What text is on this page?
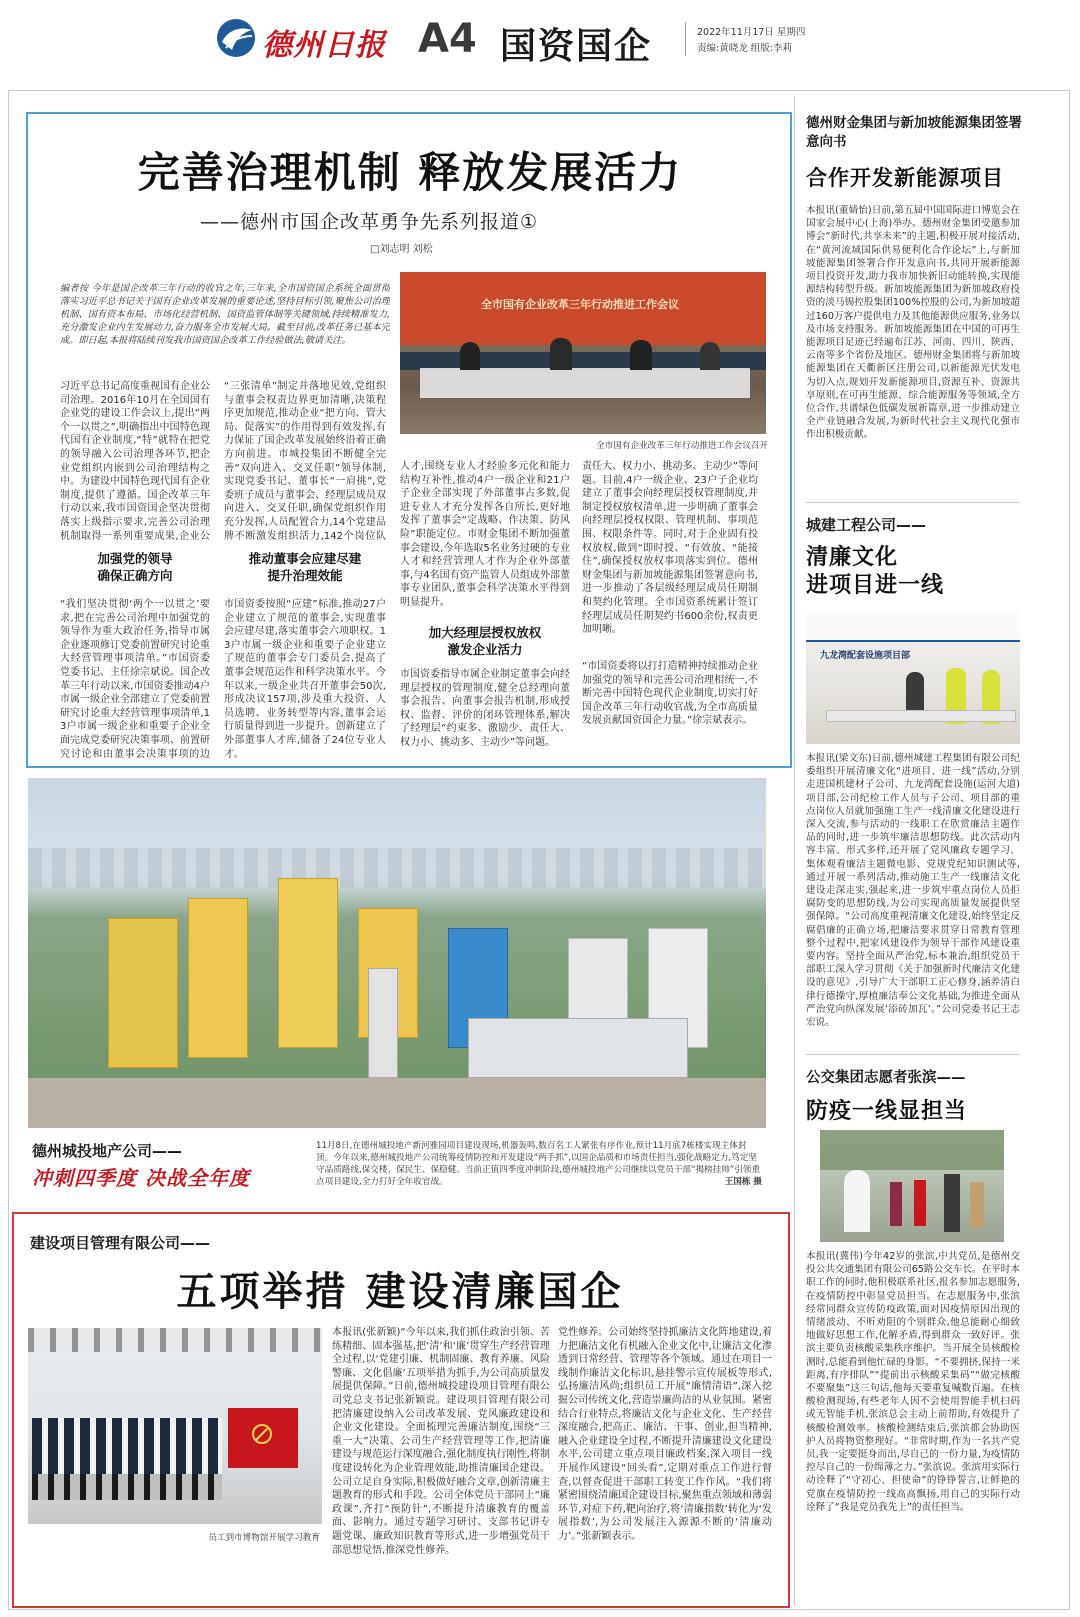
德州日报 A4 国资国企	2022年11月17日 星期四
责编:黄晓龙 组版:李莉
完善治理机制 释放发展活力
——德州市国企改革勇争先系列报道①
□刘志明 刘松
编者按 今年是国企改革三年行动的收官之年,三年来,全市国资国企系统全面贯彻落实习近平总书记关于国有企业改革发展的重要论述,坚持目标引领,聚焦公司治理机制、国有资本布局、市场化经营机制、国资监管体制等关键领域,持续精准发力,充分激发企业内生发展动力,奋力服务全市发展大局。截至目前,改革任务已基本完成。即日起,本报将陆续刊发我市国资国企改革工作经验做法,敬请关注。
全市国有企业改革三年行动推进工作会议
全市国有企业改革三年行动推进工作会议召开
习近平总书记高度重视国有企业公司治理。2016年10月在全国国有企业党的建设工作会议上,提出“两个一以贯之”,明确指出中国特色现代国有企业制度,“特”就特在把党的领导融入公司治理各环节,把企业党组织内嵌到公司治理结构之中。为建设中国特色现代国有企业制度,提供了遵循。国企改革三年行动以来,我市国资国企坚决贯彻落实上级指示要求,完善公司治理机制取得一系列重要成果,企业公
加强党的领导
确保正确方向
“我们坚决贯彻‘两个一以贯之’要求,把在完善公司治理中加强党的领导作为重大政治任务,指导市属企业逐项修订党委前置研究讨论重大经营管理事项清单。”市国资委党委书记、主任徐宗斌说。国企改革三年行动以来,市国资委推动4户市属一级企业全部建立了党委前置研究讨论重大经营管理事项清单,13户市属一级企业和重要子企业全面完成党委研究决策事项、前置研究讨论和由董事会决策事项的边
“三张清单”制定并落地见效,党组织与董事会权责边界更加清晰,决策程序更加规范,推动企业“把方向、管大局、促落实”的作用得到有效发挥,有力保证了国企改革发展始终沿着正确方向前进。市城投集团不断健全完善“双向进入、交叉任职”领导体制,实现党委书记、董事长“一肩挑”,党委班子成员与董事会、经理层成员双向进入、交叉任职,确保党组织作用充分发挥,人员配置合力,14个党建品牌不断激发组织活力,142个岗位队
推动董事会应建尽建
提升治理效能
市国资委按照“应建”标准,推动27户企业建立了规范的董事会,实现董事会应建尽建,落实董事会六项职权。13户市属一级企业和重要子企业建立了规范的董事会专门委员会,提高了董事会规范运作和科学决策水平。今年以来,一级企业共召开董事会50次,形成决议157项,涉及重大投资、人员选聘、业务转型等内容,董事会运行质量得到进一步提升。创新建立了外部董事人才库,储备了24位专业人才。
人才,围绕专业人才经验多元化和能力结构互补性,推动4户一级企业和21户子企业全部实现了外部董事占多数,促进专业人才充分发挥各自所长,更好地发挥了董事会“定战略、作决策、防风险”职能定位。市财金集团不断加强董事会建设,今年选取5名业务过硬的专业人才和经营管理人才作为企业外部董事,与4名国有资产监管人员组成外部董事专业团队,董事会科学决策水平得到明显提升。
加大经理层授权放权
激发企业活力
市国资委指导市属企业制定董事会向经理层授权的管理制度,健全总经理向董事会报告、向董事会报告机制,形成授权、监督、评价的闭环管理体系,解决了经理层“约束多、激励少、责任大、权力小、挑动多、主动少”等问题。
责任大、权力小、挑动多、主动少”等问题。目前,4户一级企业、23户子企业均建立了董事会向经理层授权管理制度,并制定授权放权清单,进一步明确了董事会向经理层授权权限、管理机制、事项范围、权限条件等。同时,对于企业固有投权放权,做到“即时授、“有效放、“能接住”,确保授权放权事项落实到位。德州财金集团与新加坡能源集团签署意向书,进一步推动了各层级经理层成员任期制和契约化管理。全市国资系统累计签订经理层成员任期契约书600余份,权责更加明晰。
“市国资委将以打打造精神持续推动企业加强党的领导和完善公司治理相统一,不断完善中国特色现代企业制度,切实打好国企改革三年行动收官战,为全市高质量发展贡献国资国企力量。”徐宗斌表示。
德州城投地产公司——
冲刺四季度 决战全年度
11月8日,在德州城投地产新河雅园项目建设现场,机器轰鸣,数百名工人紧张有序作业,预计11月底7栋楼实现主体封顶。今年以来,德州城投地产公司统筹疫情防控和开发建设“两手抓”,以国企品质和市场责任担当,强化战略定力,笃定坚守品质路线,保交楼、保民生、保稳健。当前正值四季度冲刺阶段,德州城投地产公司继续以党员干部“揭榜挂帅”引领重点项目建设,全力打好全年收官战。	王国栋 摄
建设项目管理有限公司——
五项举措 建设清廉国企
员工到市博物馆开展学习教育
本报讯(张新颖)“今年以来,我们抓住政治引领、苦练精细、固本强基,把‘清’和‘廉’贯穿生产经营管理全过程,以‘党建引廉、机制固廉、教育养廉、风险警廉、文化倡廉’五项举措为抓手,为公司高质量发展提供保障。”日前,德州城投建设项目管理有限公司党总支书记张新颖说。建设项目管理有限公司把清廉建设纳入公司改革发展、党风廉政建设和企业文化建设。全面梳理完善廉洁制度,围绕“三重一大”决策、公司生产经营管理等工作,把清廉建设与规范运行深度融合,强化制度执行刚性,将制度建设转化为企业管理效能,助推清廉国企建设。公司立足自身实际,积极做好融合文章,创新清廉主题教育的形式和手段。公司全体党员干部同上“廉政课”,齐打“预防针”,不断提升清廉教育的覆盖面、影响力。通过专题学习研讨、支部书记讲专题党课、廉政知识教育等形式,进一步增强党员干部思想觉悟,推深党性修养。
党性修养。公司始终坚持抓廉洁文化阵地建设,着力把廉洁文化有机融入企业文化中,让廉洁文化渗透到日常经营、管理等各个领域。通过在项目一线制作廉洁文化标识,悬挂警示宣传展板等形式,弘扬廉洁风尚;组织员工开展“廉情清语”,深入挖掘公司传统文化,营造崇廉尚洁的从业氛围。紧密结合行业特点,将廉洁文化与企业文化、生产经营深度融合,把高正、廉洁、干事、创业,担当精神,融入企业建设全过程,不断提升清廉建设文化建设水平,公司建立重点项目廉政档案,深入项目一线开展作风建设“回头看”,定期对重点工作进行督查,以督查促进干部职工转变工作作风。“我们将紧密围绕清廉国企建设目标,聚焦重点领域和薄弱环节,对症下药,靶向治疗,将‘清廉指数’转化为‘发展指数’,为公司发展注入源源不断的‘清廉动力’。”张新颖表示。
德州财金集团与新加坡能源集团签署意向书
合作开发新能源项目
本报讯(董婧怡)日前,第五届中国国际进口博览会在国家会展中心(上海)举办。德州财金集团受邀参加博会“新时代,共享未来”的主题,积极开展对接活动,在“黄河流域国际供易便利化合作论坛”上,与新加坡能源集团签署合作开发意向书,共同开展新能源项目投资开发,助力我市加快新旧动能转换,实现能源结构转型升级。新加坡能源集团为新加坡政府投资的淡马锡控股集团100%控股的公司,为新加坡超过160万客户提供电力及其他能源供应服务,业务以及市场支持服务。新加坡能源集团在中国的可再生能源项目足迹已经遍布江苏、河南、四川、陕西、云南等多个省份及地区。德州财金集团将与新加坡能源集团在天衢新区注册公司,以新能源光伏发电为切入点,规划开发新能源项目,资源互补、资源共享原则,在可再生能源、综合能源服务等领域,全方位合作,共谱绿色低碳发展新篇章,进一步推动建立全产业链融合发展,为新时代社会主义现代化强市作出积极贡献。
城建工程公司——
清廉文化
进项目进一线
九龙湾配套设施项目部
本报讯(梁文东)日前,德州城建工程集团有限公司纪委组织开展清廉文化“进项目、进一线”活动,分别走进国机建材子公司、九龙湾配套设施(运河大道)项目部,公司纪检工作人员与子公司、项目部的重点岗位人员就加强施工生产一线清廉文化建设进行深入交流,参与活动的一线职工在欣赏廉洁主题作品的同时,进一步筑牢廉洁思想防线。此次活动内容丰富、形式多样,还开展了党风廉政专题学习、集体观看廉洁主题微电影、党规党纪知识测试等,通过开展一系列活动,推动施工生产一线廉洁文化建设走深走实,强起来,进一步筑牢重点岗位人员拒腐防变的思想防线,为公司实现高质量发展提供坚强保障。“公司高度重视清廉文化建设,始终坚定反腐倡廉的正确立场,把廉洁要求贯穿日常教育管理整个过程中,把家风建设作为领导干部作风建设重要内容。坚持全面从严治党,标本兼治,组织党员干部职工深入学习贯彻《关于加强新时代廉洁文化建设的意见》,引导广大干部职工正心修身,涵养清白律行德操守,厚植廉洁奉公文化基础,为推进全面从严治党向纵深发展‘添砖加瓦’。”公司党委书记王志宏说。
公交集团志愿者张滨——
防疫一线显担当
本报讯(冀伟)今年42岁的张滨,中共党员,是德州交投公共交通集团有限公司65路公交车长。在平时本职工作的同时,他积极联系社区,报名参加志愿服务,在疫情防控中彰显党员担当。在志愿服务中,张滨经常同群众宣传防疫政策,面对因疫情原因出现的情绪波动、不听劝阻的个别群众,他总能耐心细致地做好思想工作,化解矛盾,得到群众一致好评。张滨主要负责核酸采集秩序维护。当开展全员核酸检测时,总能看到他忙碌的身影。“不要拥挤,保持一米距离,有序排队”“提前出示核酸采集码”“做完核酸不要聚集”这三句话,他每天要重复喊数百遍。在核酸检测现场,有些老年人因不会使用智能手机扫码或无智能手机,张滨总会主动上前帮助,有效提升了核酸检测效率。核酸检测结束后,张滨都会协助医护人员将物资整理好。“非常时期,作为一名共产党员,我一定要挺身而出,尽自己的一份力量,为疫情防控尽自己的一份绵薄之力。”张滨说。张滨用实际行动诠释了“守初心、担使命”的铮铮誓言,让鲜艳的党旗在疫情防控一线高高飘扬,用自己的实际行动诠释了“我是党员我先上”的责任担当。
